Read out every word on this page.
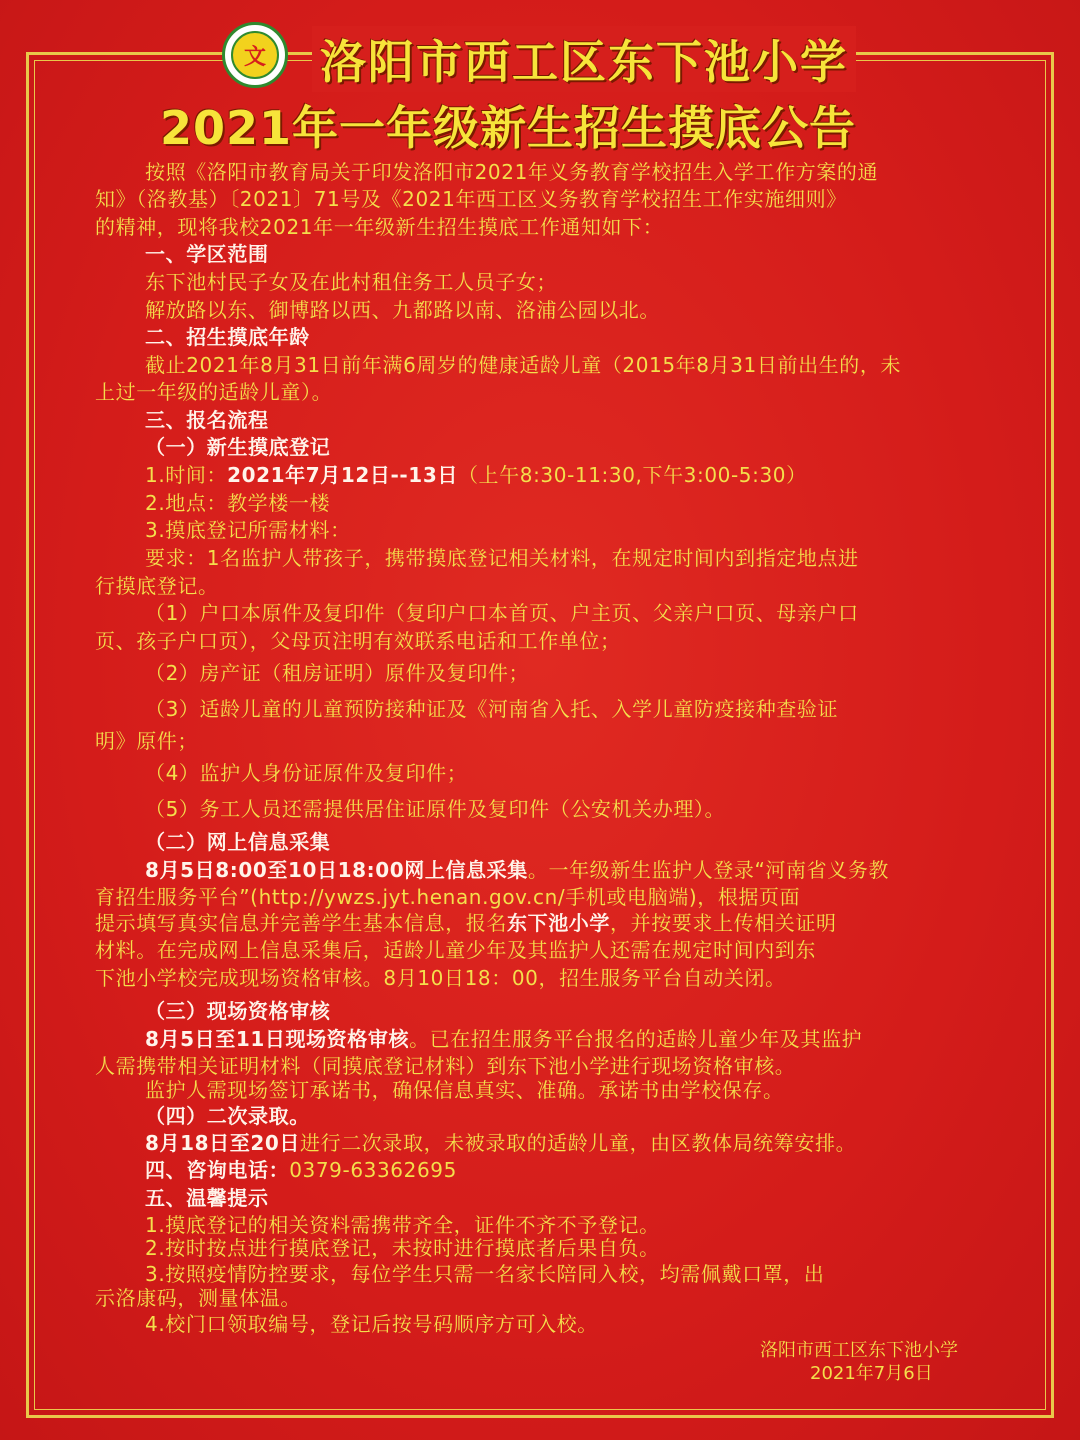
文 洛阳市西工区东下池小学
2021年一年级新生招生摸底公告
按照《洛阳市教育局关于印发洛阳市2021年义务教育学校招生入学工作方案的通
知》（洛教基）〔2021〕71号及《2021年西工区义务教育学校招生工作实施细则》
的精神，现将我校2021年一年级新生招生摸底工作通知如下：
一、学区范围
东下池村民子女及在此村租住务工人员子女；
解放路以东、御博路以西、九都路以南、洛浦公园以北。
二、招生摸底年龄
截止2021年8月31日前年满6周岁的健康适龄儿童（2015年8月31日前出生的，未
上过一年级的适龄儿童）。
三、报名流程
（一）新生摸底登记
1.时间：2021年7月12日--13日（上午8:30-11:30,下午3:00-5:30）
2.地点：教学楼一楼
3.摸底登记所需材料：
要求：1名监护人带孩子，携带摸底登记相关材料，在规定时间内到指定地点进
行摸底登记。
（1）户口本原件及复印件（复印户口本首页、户主页、父亲户口页、母亲户口
页、孩子户口页），父母页注明有效联系电话和工作单位；
（2）房产证（租房证明）原件及复印件；
（3）适龄儿童的儿童预防接种证及《河南省入托、入学儿童防疫接种查验证
明》原件；
（4）监护人身份证原件及复印件；
（5）务工人员还需提供居住证原件及复印件（公安机关办理）。
（二）网上信息采集
8月5日8:00至10日18:00网上信息采集。一年级新生监护人登录“河南省义务教
育招生服务平台”(http://ywzs.jyt.henan.gov.cn/手机或电脑端)，根据页面
提示填写真实信息并完善学生基本信息，报名东下池小学，并按要求上传相关证明
材料。在完成网上信息采集后，适龄儿童少年及其监护人还需在规定时间内到东
下池小学校完成现场资格审核。8月10日18：00，招生服务平台自动关闭。
（三）现场资格审核
8月5日至11日现场资格审核。已在招生服务平台报名的适龄儿童少年及其监护
人需携带相关证明材料（同摸底登记材料）到东下池小学进行现场资格审核。
监护人需现场签订承诺书，确保信息真实、准确。承诺书由学校保存。
（四）二次录取。
8月18日至20日进行二次录取，未被录取的适龄儿童，由区教体局统筹安排。
四、咨询电话：0379-63362695
五、温馨提示
1.摸底登记的相关资料需携带齐全，证件不齐不予登记。
2.按时按点进行摸底登记，未按时进行摸底者后果自负。
3.按照疫情防控要求，每位学生只需一名家长陪同入校，均需佩戴口罩，出
示洛康码，测量体温。
4.校门口领取编号，登记后按号码顺序方可入校。
洛阳市西工区东下池小学
2021年7月6日
